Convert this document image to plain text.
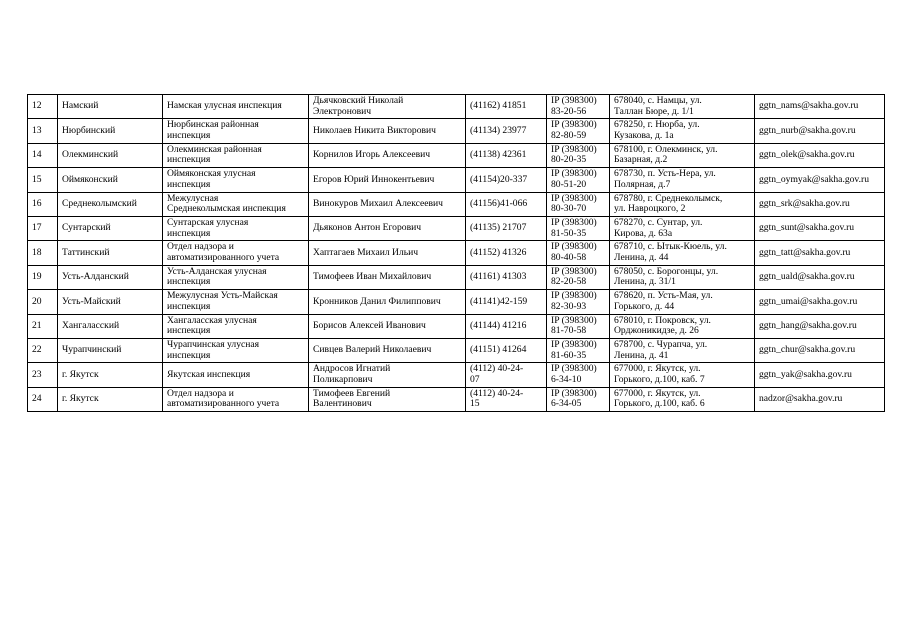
12	Намский	Намская улусная инспекция	Дьячковский Николай
Электронович	(41162) 41851	IP (398300)
83-20-56	678040, с. Намцы, ул.
Таллан Бюре, д. 1/1	ggtn_nams@sakha.gov.ru
13	Нюрбинский	Нюрбинская районная
инспекция	Николаев Никита Викторович	(41134) 23977	IP (398300)
82-80-59	678250, г. Нюрба, ул.
Кузакова, д. 1а	ggtn_nurb@sakha.gov.ru
14	Олекминский	Олекминская районная
инспекция	Корнилов Игорь Алексеевич	(41138) 42361	IP (398300)
80-20-35	678100, г. Олекминск, ул.
Базарная, д.2	ggtn_olek@sakha.gov.ru
15	Оймяконский	Оймяконская улусная
инспекция	Егоров Юрий Иннокентьевич	(41154)20-337	IP (398300)
80-51-20	678730, п. Усть-Нера, ул.
Полярная, д.7	ggtn_oymyak@sakha.gov.ru
16	Среднеколымский	Межулусная
Среднеколымская инспекция	Винокуров Михаил Алексеевич	(41156)41-066	IP (398300)
80-30-70	678780, г. Среднеколымск,
ул. Навроцкого, 2	ggtn_srk@sakha.gov.ru
17	Сунтарский	Сунтарская улусная
инспекция	Дьяконов Антон Егорович	(41135) 21707	IP (398300)
81-50-35	678270, с. Сунтар, ул.
Кирова, д. 63а	ggtn_sunt@sakha.gov.ru
18	Таттинский	Отдел надзора и
автоматизированного учета	Хаптагаев Михаил Ильич	(41152) 41326	IP (398300)
80-40-58	678710, с. Ытык-Кюель, ул.
Ленина, д. 44	ggtn_tatt@sakha.gov.ru
19	Усть-Алданский	Усть-Алданская улусная
инспекция	Тимофеев Иван Михайлович	(41161) 41303	IP (398300)
82-20-58	678050, с. Борогонцы, ул.
Ленина, д. 31/1	ggtn_uald@sakha.gov.ru
20	Усть-Майский	Межулусная Усть-Майская
инспекция	Кронников Данил Филиппович	(41141)42-159	IP (398300)
82-30-93	678620, п. Усть-Мая, ул.
Горького, д. 44	ggtn_umai@sakha.gov.ru
21	Хангаласский	Хангаласская улусная
инспекция	Борисов Алексей Иванович	(41144) 41216	IP (398300)
81-70-58	678010, г. Покровск, ул.
Орджоникидзе, д. 26	ggtn_hang@sakha.gov.ru
22	Чурапчинский	Чурапчинская улусная
инспекция	Сивцев Валерий Николаевич	(41151) 41264	IP (398300)
81-60-35	678700, с. Чурапча, ул.
Ленина, д. 41	ggtn_chur@sakha.gov.ru
23	г. Якутск	Якутская инспекция	Андросов Игнатий
Поликарпович	(4112) 40-24-
07	IP (398300)
6-34-10	677000, г. Якутск, ул.
Горького, д.100, каб. 7	ggtn_yak@sakha.gov.ru
24	г. Якутск	Отдел надзора и
автоматизированного учета	Тимофеев Евгений
Валентинович	(4112) 40-24-
15	IP (398300)
6-34-05	677000, г. Якутск, ул.
Горького, д.100, каб. 6	nadzor@sakha.gov.ru
